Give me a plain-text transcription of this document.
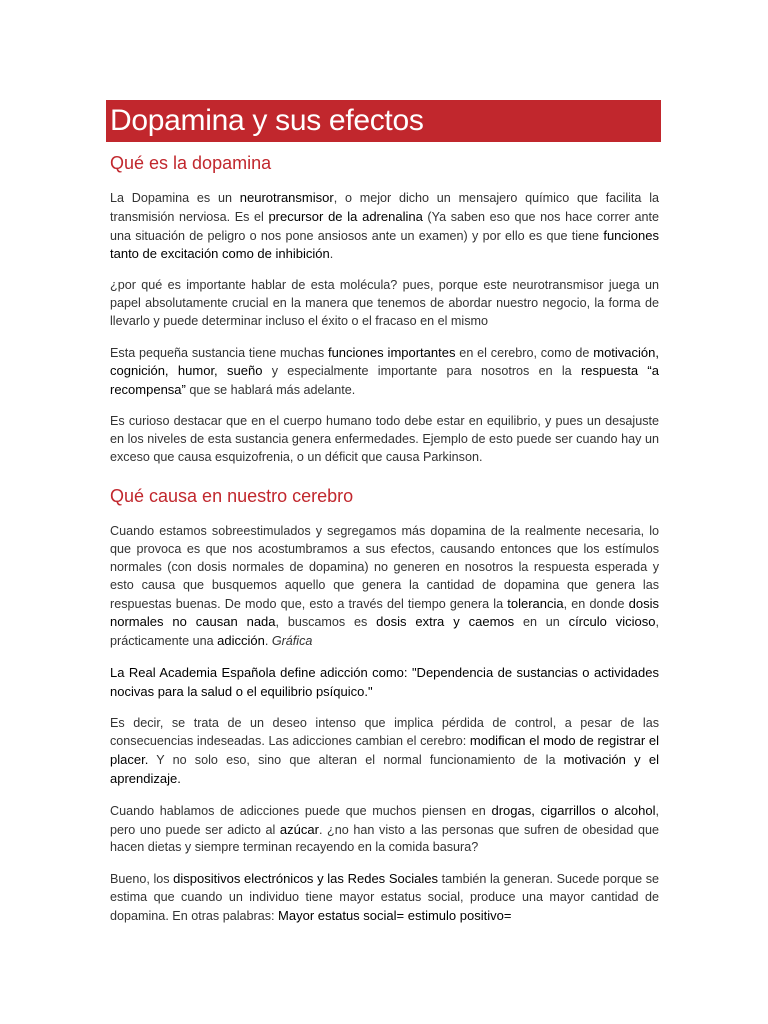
Dopamina y sus efectos
Qué es la dopamina

La Dopamina es un neurotransmisor, o mejor dicho un mensajero químico que facilita la transmisión nerviosa. Es el precursor de la adrenalina (Ya saben eso que nos hace correr ante una situación de peligro o nos pone ansiosos ante un examen) y por ello es que tiene funciones tanto de excitación como de inhibición.

¿por qué es importante hablar de esta molécula? pues, porque este neurotransmisor juega un papel absolutamente crucial en la manera que tenemos de abordar nuestro negocio, la forma de llevarlo y puede determinar incluso el éxito o el fracaso en el mismo

Esta pequeña sustancia tiene muchas funciones importantes en el cerebro, como de motivación, cognición, humor, sueño y especialmente importante para nosotros en la respuesta “a recompensa” que se hablará más adelante.

Es curioso destacar que en el cuerpo humano todo debe estar en equilibrio, y pues un desajuste en los niveles de esta sustancia genera enfermedades. Ejemplo de esto puede ser cuando hay un exceso que causa esquizofrenia, o un déficit que causa Parkinson.

Qué causa en nuestro cerebro

Cuando estamos sobreestimulados y segregamos más dopamina de la realmente necesaria, lo que provoca es que nos acostumbramos a sus efectos, causando entonces que los estímulos normales (con dosis normales de dopamina) no generen en nosotros la respuesta esperada y esto causa que busquemos aquello que genera la cantidad de dopamina que genera las respuestas buenas. De modo que, esto a través del tiempo genera la tolerancia, en donde dosis normales no causan nada, buscamos es dosis extra y caemos en un círculo vicioso, prácticamente una adicción. Gráfica

La Real Academia Española define adicción como: "Dependencia de sustancias o actividades nocivas para la salud o el equilibrio psíquico."

Es decir, se trata de un deseo intenso que implica pérdida de control, a pesar de las consecuencias indeseadas. Las adicciones cambian el cerebro: modifican el modo de registrar el placer. Y no solo eso, sino que alteran el normal funcionamiento de la motivación y el aprendizaje.

Cuando hablamos de adicciones puede que muchos piensen en drogas, cigarrillos o alcohol, pero uno puede ser adicto al azúcar. ¿no han visto a las personas que sufren de obesidad que hacen dietas y siempre terminan recayendo en la comida basura?

Bueno, los dispositivos electrónicos y las Redes Sociales también la generan. Sucede porque se estima que cuando un individuo tiene mayor estatus social, produce una mayor cantidad de dopamina. En otras palabras: Mayor estatus social= estimulo positivo=
